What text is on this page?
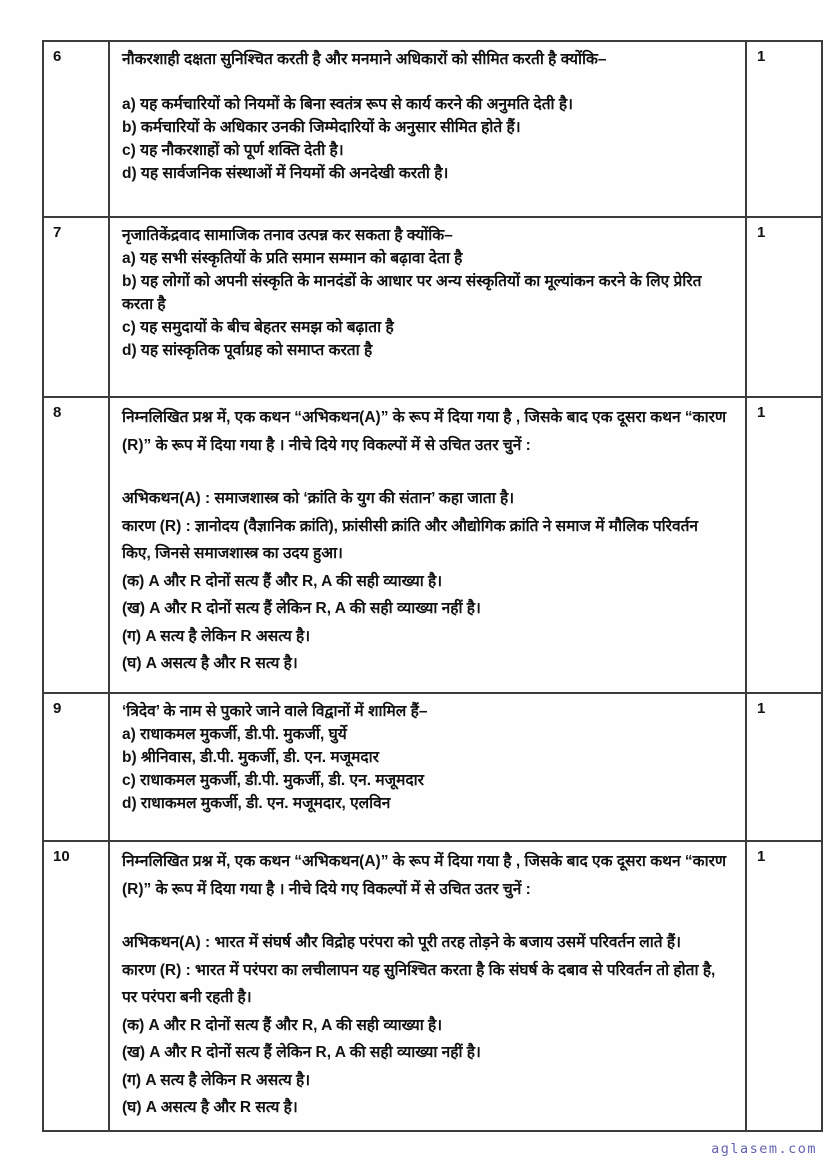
6	नौकरशाही दक्षता सुनिश्चित करती है और मनमाने अधिकारों को सीमित करती है क्योंकि–

a) यह कर्मचारियों को नियमों के बिना स्वतंत्र रूप से कार्य करने की अनुमति देती है।

b) कर्मचारियों के अधिकार उनकी जिम्मेदारियों के अनुसार सीमित होते हैं।

c) यह नौकरशाहों को पूर्ण शक्ति देती है।

d) यह सार्वजनिक संस्थाओं में नियमों की अनदेखी करती है।

1
7	नृजातिकेंद्रवाद सामाजिक तनाव उत्पन्न कर सकता है क्योंकि–

a) यह सभी संस्कृतियों के प्रति समान सम्मान को बढ़ावा देता है

b) यह लोगों को अपनी संस्कृति के मानदंडों के आधार पर अन्य संस्कृतियों का मूल्यांकन करने के लिए प्रेरित करता है

c) यह समुदायों के बीच बेहतर समझ को बढ़ाता है

d) यह सांस्कृतिक पूर्वाग्रह को समाप्त करता है

1
8	निम्नलिखित प्रश्न में, एक कथन “अभिकथन(A)” के रूप में दिया गया है , जिसके बाद एक दूसरा कथन “कारण (R)” के रूप में दिया गया है । नीचे दिये गए विकल्पों में से उचित उतर चुनें :

अभिकथन(A) : समाजशास्त्र को ‘क्रांति के युग की संतान’ कहा जाता है।

कारण (R) : ज्ञानोदय (वैज्ञानिक क्रांति), फ्रांसीसी क्रांति और औद्योगिक क्रांति ने समाज में मौलिक परिवर्तन किए, जिनसे समाजशास्त्र का उदय हुआ।

(क) A और R दोनों सत्य हैं और R, A की सही व्याख्या है।

(ख) A और R दोनों सत्य हैं लेकिन R, A की सही व्याख्या नहीं है।

(ग) A सत्य है लेकिन R असत्य है।

(घ) A असत्य है और R सत्य है।

1
9	‘त्रिदेव’ के नाम से पुकारे जाने वाले विद्वानों में शामिल हैं–

a) राधाकमल मुकर्जी, डी.पी. मुकर्जी, घुर्ये

b) श्रीनिवास, डी.पी. मुकर्जी, डी. एन. मजूमदार

c) राधाकमल मुकर्जी, डी.पी. मुकर्जी, डी. एन. मजूमदार

d) राधाकमल मुकर्जी, डी. एन. मजूमदार, एलविन

1
10	निम्नलिखित प्रश्न में, एक कथन “अभिकथन(A)” के रूप में दिया गया है , जिसके बाद एक दूसरा कथन “कारण (R)” के रूप में दिया गया है । नीचे दिये गए विकल्पों में से उचित उतर चुनें :

अभिकथन(A) : भारत में संघर्ष और विद्रोह परंपरा को पूरी तरह तोड़ने के बजाय उसमें परिवर्तन लाते हैं।

कारण (R) : भारत में परंपरा का लचीलापन यह सुनिश्चित करता है कि संघर्ष के दबाव से परिवर्तन तो होता है, पर परंपरा बनी रहती है।

(क) A और R दोनों सत्य हैं और R, A की सही व्याख्या है।

(ख) A और R दोनों सत्य हैं लेकिन R, A की सही व्याख्या नहीं है।

(ग) A सत्य है लेकिन R असत्य है।

(घ) A असत्य है और R सत्य है।

1
aglasem.com
